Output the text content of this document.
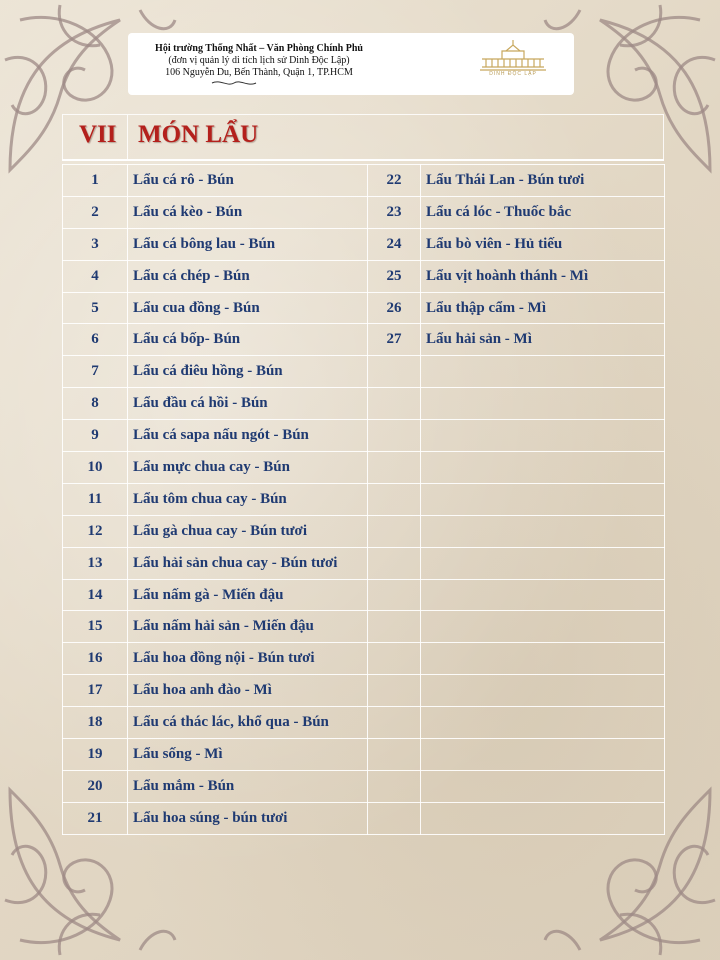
Hội trường Thống Nhất – Văn Phòng Chính Phủ
(đơn vị quản lý di tích lịch sử Dinh Độc Lập)
106 Nguyễn Du, Bến Thành, Quận 1, TP.HCM	DINH ĐỘC LẬP
VII MÓN LẨU
1	Lẩu cá rô - Bún	22	Lẩu Thái Lan - Bún tươi
2	Lẩu cá kèo - Bún	23	Lẩu cá lóc - Thuốc bắc
3	Lẩu cá bông lau - Bún	24	Lẩu bò viên - Hủ tiếu
4	Lẩu cá chép - Bún	25	Lẩu vịt hoành thánh - Mì
5	Lẩu cua đồng - Bún	26	Lẩu thập cẩm - Mì
6	Lẩu cá bốp- Bún	27	Lẩu hải sản - Mì
7	Lẩu cá điêu hồng - Bún		
8	Lẩu đầu cá hồi - Bún		
9	Lẩu cá sapa nấu ngót - Bún		
10	Lẩu mực chua cay - Bún		
11	Lẩu tôm chua cay - Bún		
12	Lẩu gà chua cay - Bún tươi		
13	Lẩu hải sản chua cay - Bún tươi		
14	Lẩu nấm gà - Miến đậu		
15	Lẩu nấm hải sản - Miến đậu		
16	Lẩu hoa đồng nội - Bún tươi		
17	Lẩu hoa anh đào - Mì		
18	Lẩu cá thác lác, khổ qua - Bún		
19	Lẩu sống - Mì		
20	Lẩu mắm - Bún		
21	Lẩu hoa súng - bún tươi		
